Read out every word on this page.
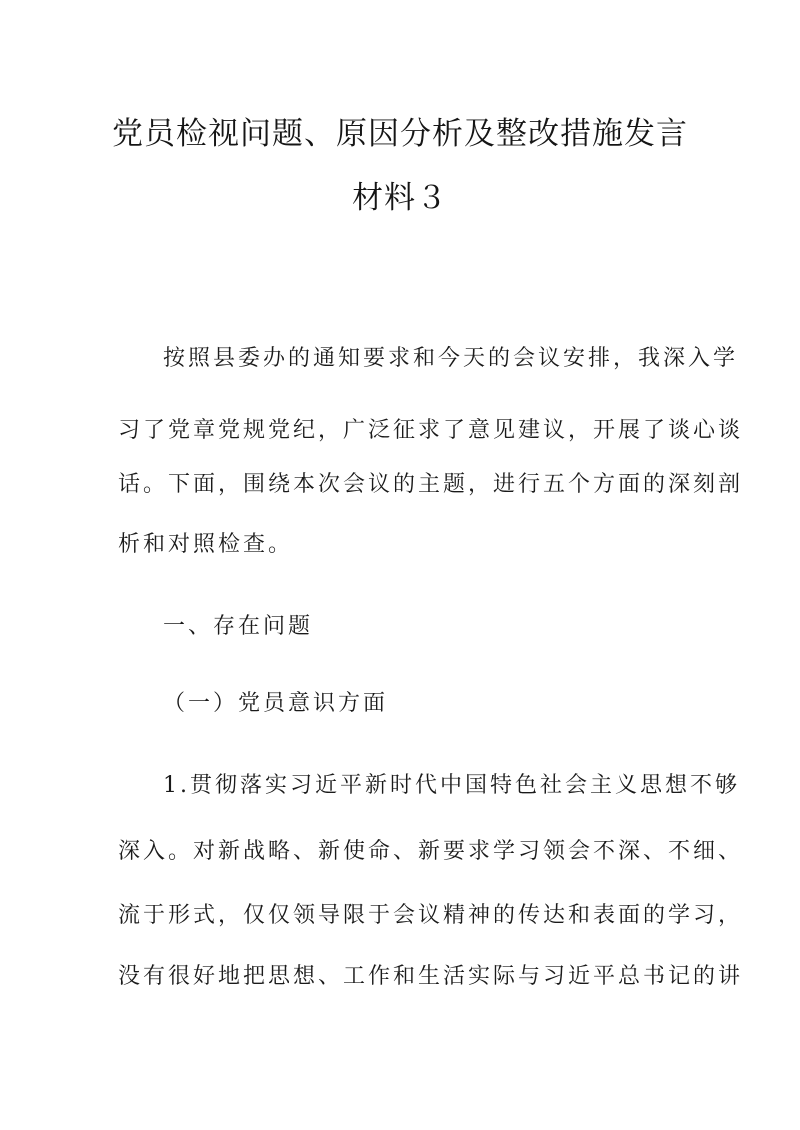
党员检视问题、原因分析及整改措施发言
材料３
按照县委办的通知要求和今天的会议安排，我深入学
习了党章党规党纪，广泛征求了意见建议，开展了谈心谈
话。下面，围绕本次会议的主题，进行五个方面的深刻剖
析和对照检查。
一、存在问题
（一）党员意识方面
1.贯彻落实习近平新时代中国特色社会主义思想不够
深入。对新战略、新使命、新要求学习领会不深、不细、
流于形式，仅仅领导限于会议精神的传达和表面的学习，
没有很好地把思想、工作和生活实际与习近平总书记的讲
